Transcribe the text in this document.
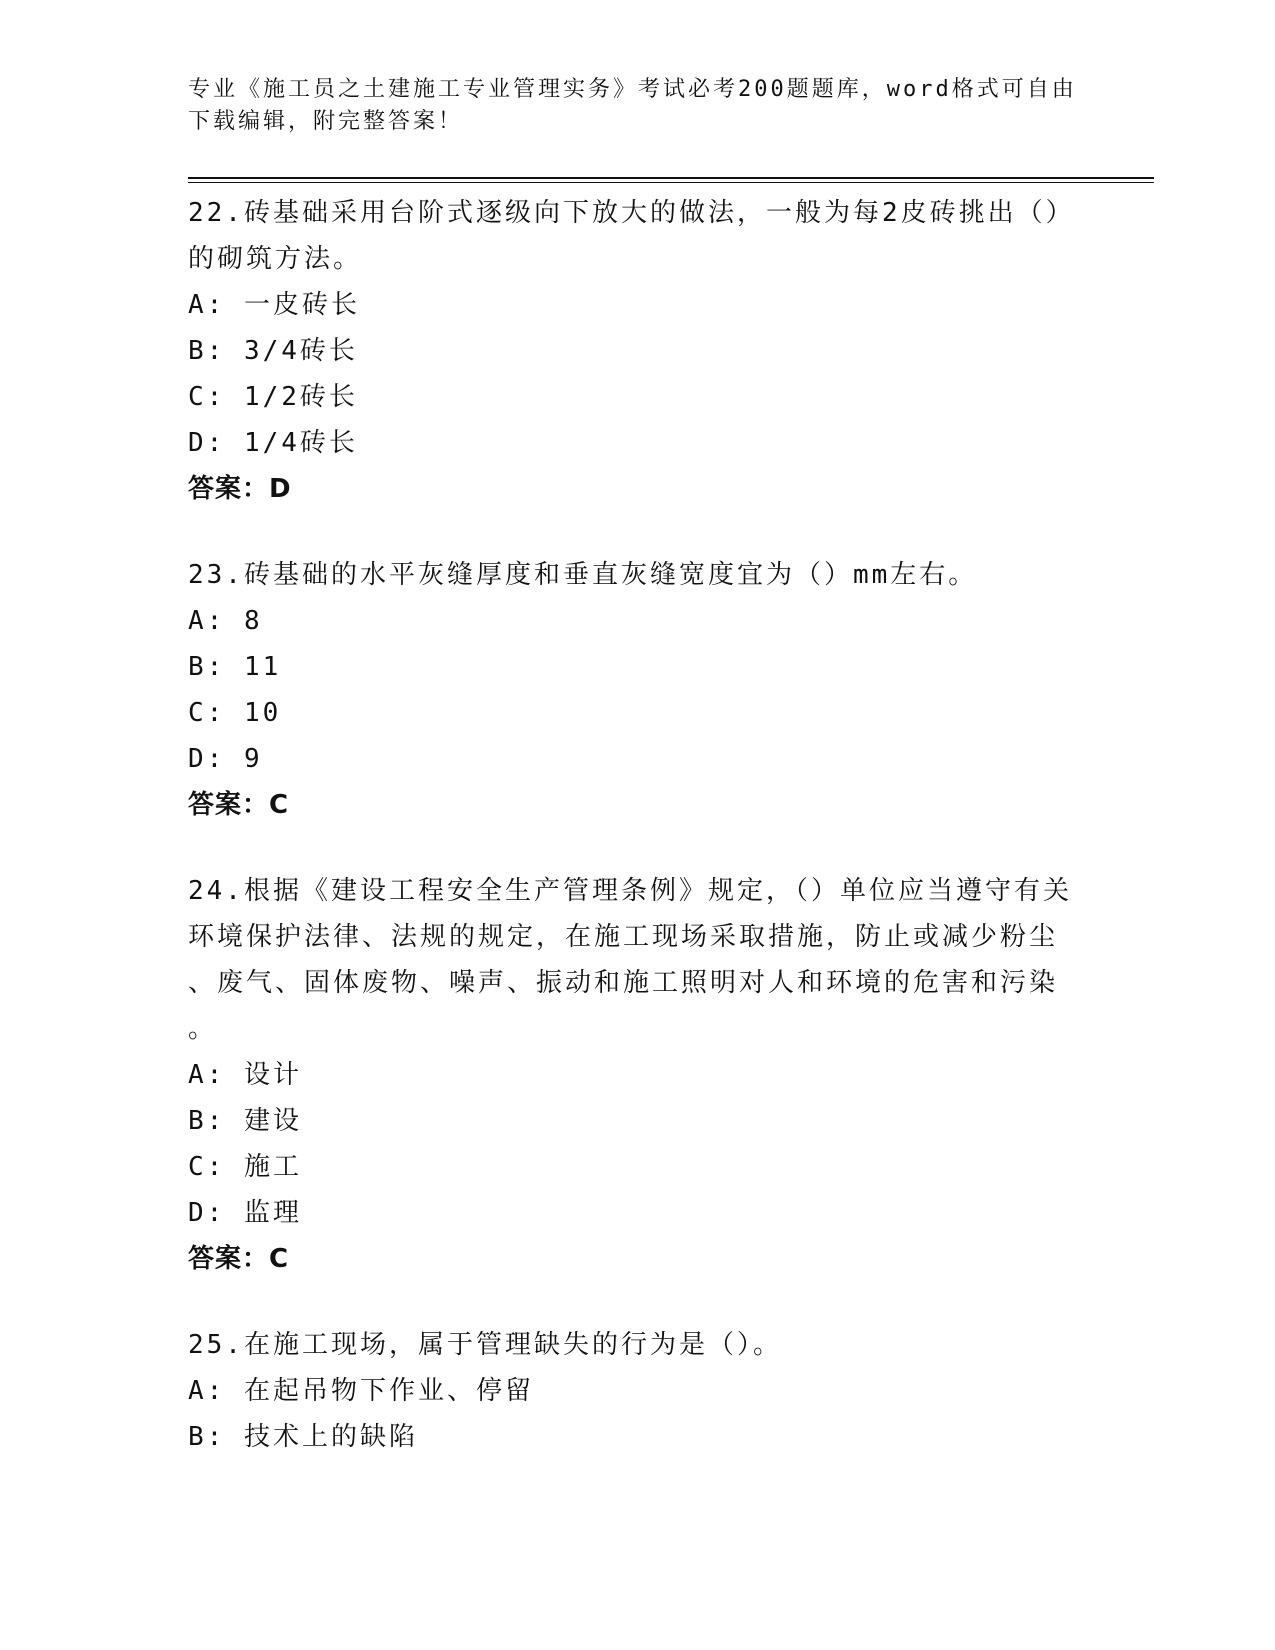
专业《施工员之土建施工专业管理实务》考试必考200题题库，word格式可自由
下载编辑，附完整答案！
22.砖基础采用台阶式逐级向下放大的做法，一般为每2皮砖挑出（）
的砌筑方法。
A: 一皮砖长
B: 3/4砖长
C: 1/2砖长
D: 1/4砖长
答案：D
23.砖基础的水平灰缝厚度和垂直灰缝宽度宜为（）mm左右。
A: 8
B: 11
C: 10
D: 9
答案：C
24.根据《建设工程安全生产管理条例》规定，（）单位应当遵守有关
环境保护法律、法规的规定，在施工现场采取措施，防止或减少粉尘
、废气、固体废物、噪声、振动和施工照明对人和环境的危害和污染
。
A: 设计
B: 建设
C: 施工
D: 监理
答案：C
25.在施工现场，属于管理缺失的行为是（）。
A: 在起吊物下作业、停留
B: 技术上的缺陷
